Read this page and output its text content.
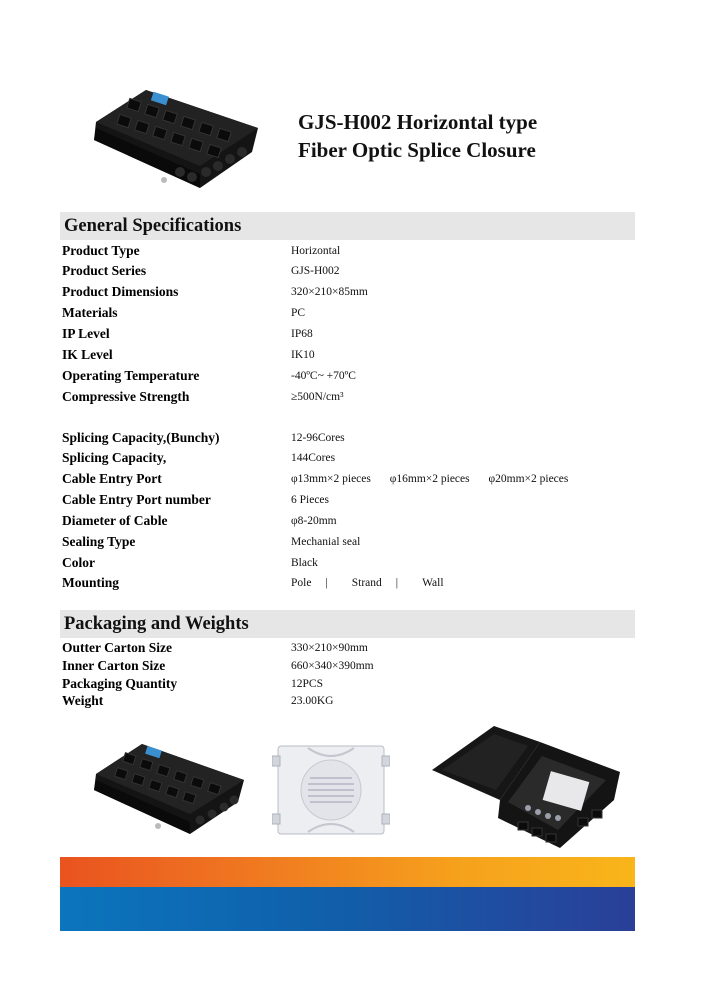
GJS-H002 Horizontal type
Fiber Optic Splice Closure
General Specifications
Product Type	Horizontal
Product Series	GJS-H002
Product Dimensions	320×210×85mm
Materials	PC
IP Level	IP68
IK Level	IK10
Operating Temperature	-40ºC~ +70ºC
Compressive Strength	≥500N/cm³
Splicing Capacity,(Bunchy)	12-96Cores
Splicing Capacity,	144Cores
Cable Entry Port	φ13mm×2 pieces φ16mm×2 pieces φ20mm×2 pieces
Cable Entry Port number	6 Pieces
Diameter of Cable	φ8-20mm
Sealing Type	Mechanial seal
Color	Black
Mounting	Pole | Strand | Wall
Packaging and Weights
Outter Carton Size	330×210×90mm
Inner Carton Size	660×340×390mm
Packaging Quantity	12PCS
Weight	23.00KG
